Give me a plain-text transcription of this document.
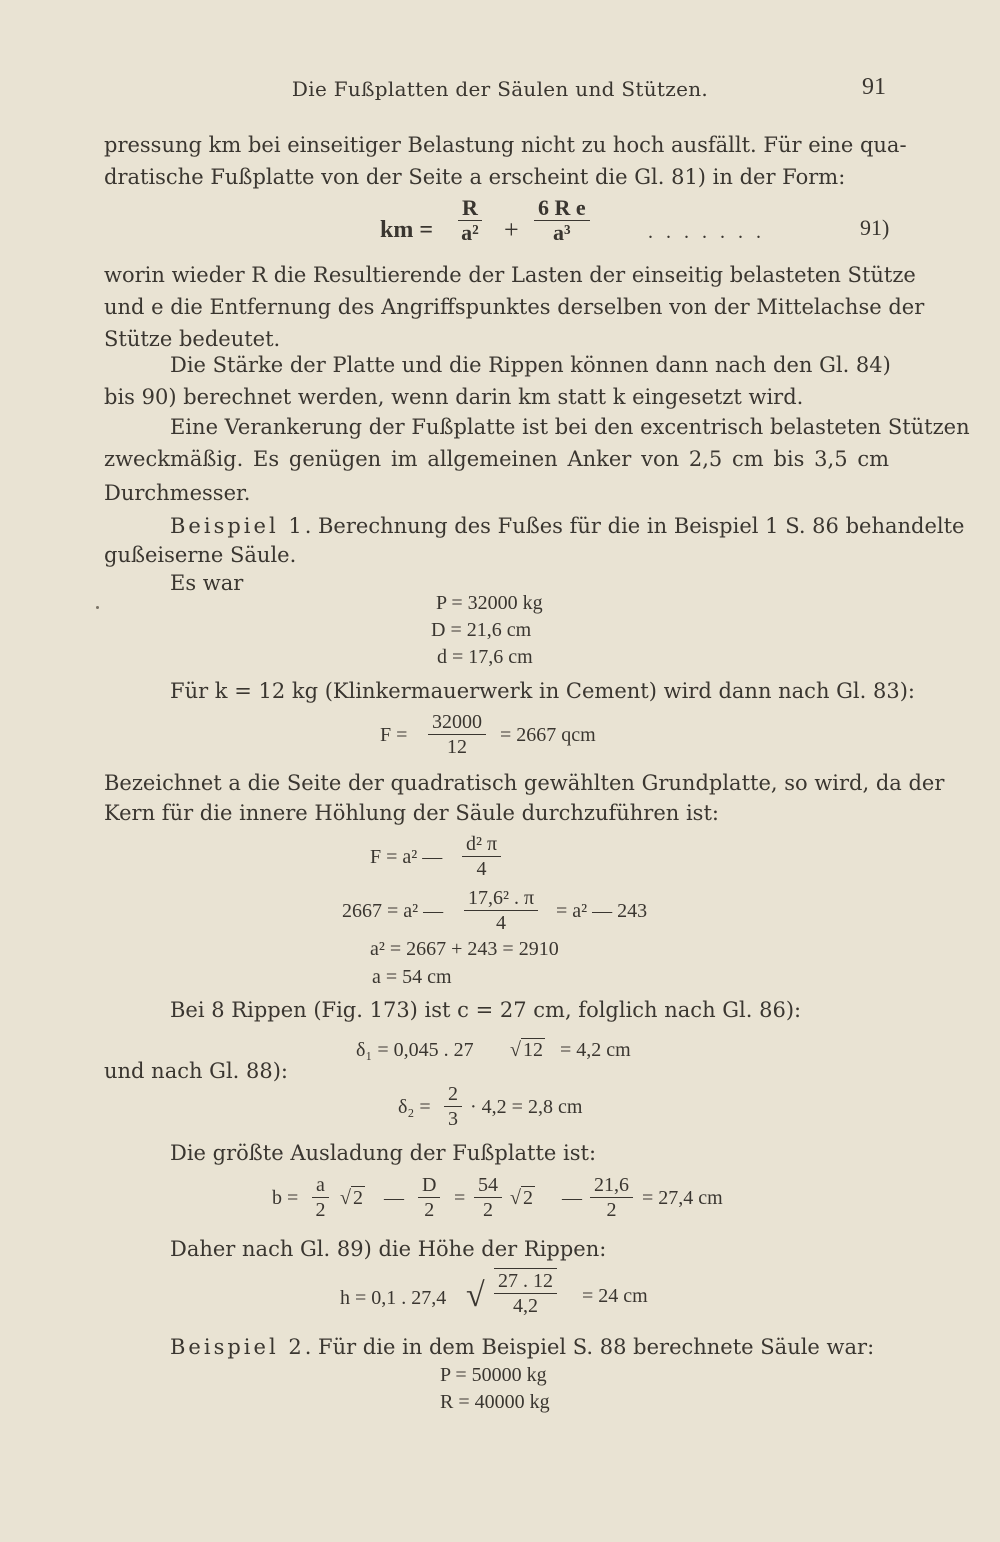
Die Fußplatten der Säulen und Stützen.	91
pressung km bei einseitiger Belastung nicht zu hoch ausfällt. Für eine qua-
dratische Fußplatte von der Seite a erscheint die Gl. 81) in der Form:
km = $\frac{R}{\text{a²}} + \frac{\text{6 R e}}{\text{a³}}$	. . . . . . .	91)
worin wieder R die Resultierende der Lasten der einseitig belasteten Stütze
und e die Entfernung des Angriffspunktes derselben von der Mittelachse der
Stütze bedeutet.
Die Stärke der Platte und die Rippen können dann nach den Gl. 84)
bis 90) berechnet werden, wenn darin km statt k eingesetzt wird.
Eine Verankerung der Fußplatte ist bei den excentrisch belasteten Stützen
zweckmäßig. Es genügen im allgemeinen Anker von 2,5 cm bis 3,5 cm
Durchmesser.
Beispiel 1. Berechnung des Fußes für die in Beispiel 1 S. 86 behandelte
gußeiserne Säule.
Es war
P = 32000 kg
D = 21,6 cm
d = 17,6 cm
Für k = 12 kg (Klinkermauerwerk in Cement) wird dann nach Gl. 83):
$F = \frac{32000}{12} = 2667$ qcm
Bezeichnet a die Seite der quadratisch gewählten Grundplatte, so wird, da der
Kern für die innere Höhlung der Säule durchzuführen ist:
F = a² — $\frac{\text{d² π}}{4}$
2667 = a² — $\frac{\text{17,6² . π}}{4} = a^2$ — 243
a² = 2667 + 243 = 2910
a = 54 cm
Bei 8 Rippen (Fig. 173) ist c = 27 cm, folglich nach Gl. 86):
δ₁ = 0,045 . 27 √ 12 = 4,2 cm
und nach Gl. 88):
$\delta_2 = \frac{2}{3} \cdot 4,2 = 2,8$ cm
Die größte Ausladung der Fußplatte ist:
$b = \frac{a}{2}$ √ 2 — $\frac{D}{2} = \frac{54}{2}$ √ 2 — $\frac{21,6}{2} = 27,4$ cm
Daher nach Gl. 89) die Höhe der Rippen:
h = 0,1 . 27,4 √ $\frac{27 . 12}{4,2} = 24$ cm
Beispiel 2. Für die in dem Beispiel S. 88 berechnete Säule war:
P = 50000 kg
R = 40000 kg
